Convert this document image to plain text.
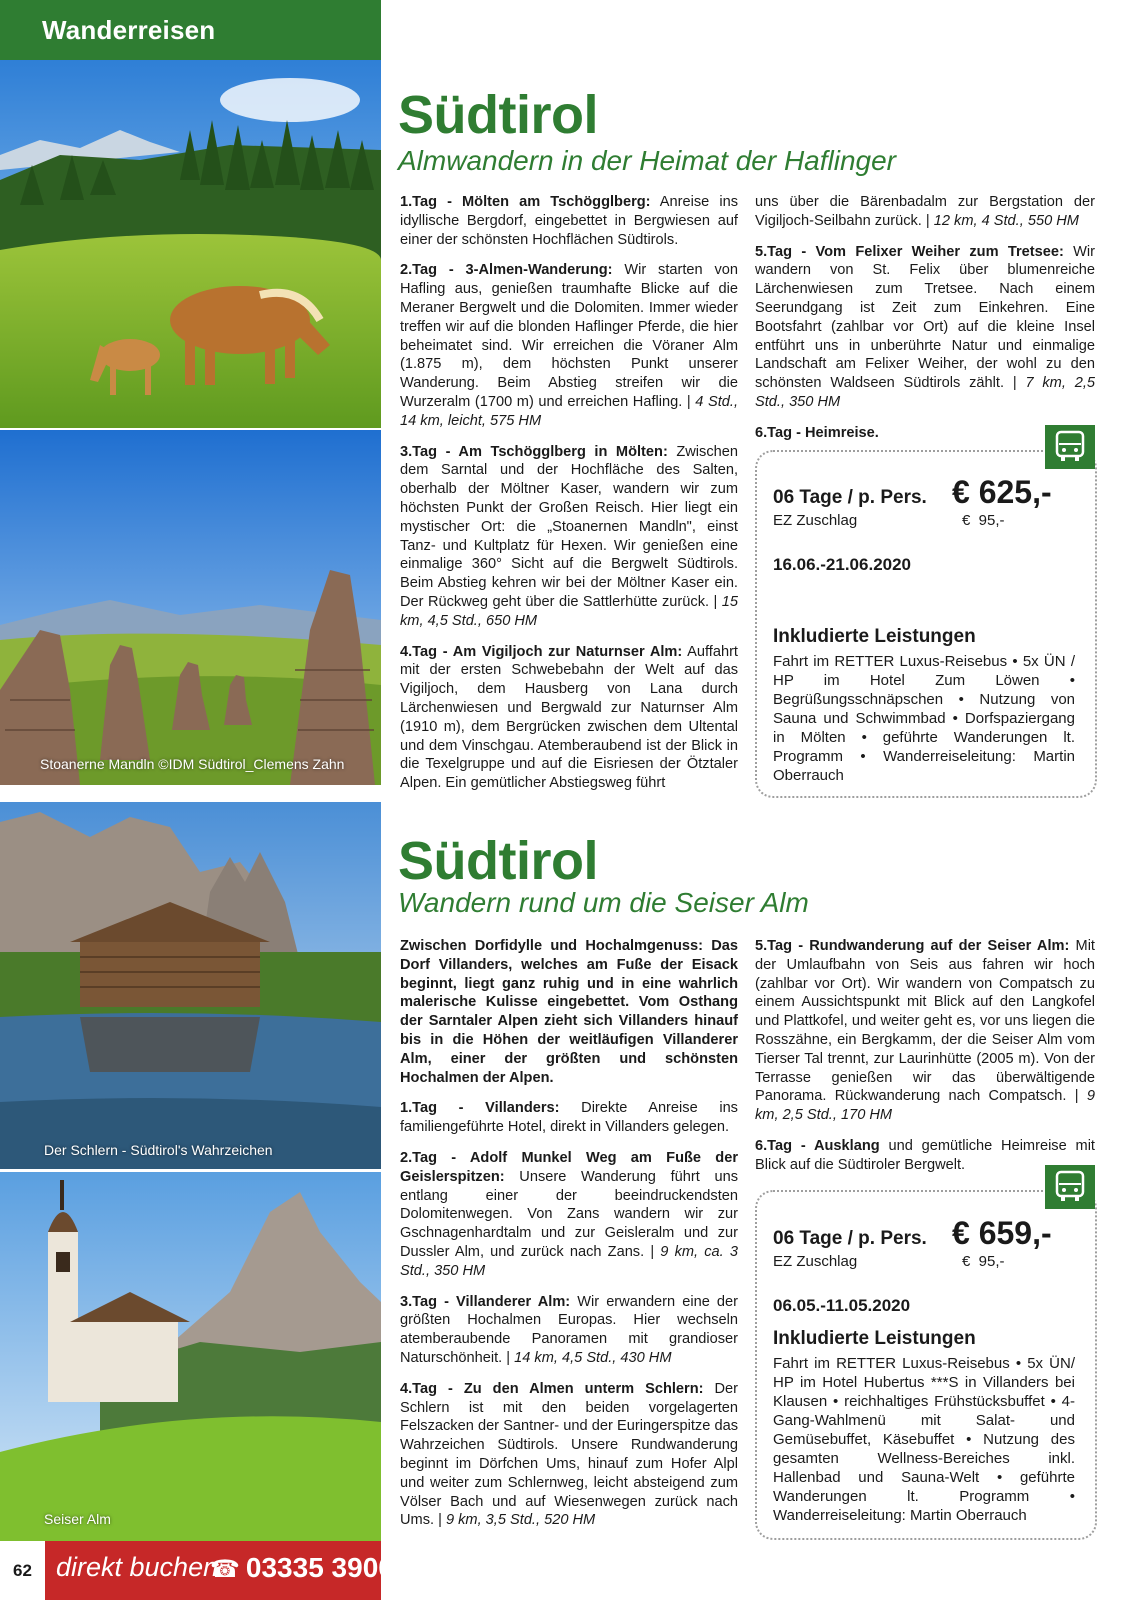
Wanderreisen
Stoanerne Mandln ©IDM Südtirol_Clemens Zahn
Der Schlern - Südtirol's Wahrzeichen
Seiser Alm
62 direkt buchen
☎ 03335 3900
Südtirol
Almwandern in der Heimat der Haflinger

1.Tag - Mölten am Tschögglberg: Anreise ins idyllische Bergdorf, eingebettet in Bergwiesen auf einer der schönsten Hochflächen Südtirols.

2.Tag - 3-Almen-Wanderung: Wir starten von Hafling aus, genießen traumhafte Blicke auf die Meraner Bergwelt und die Dolomiten. Immer wieder treffen wir auf die blonden Haflinger Pferde, die hier beheimatet sind. Wir erreichen die Vöraner Alm (1.875 m), dem höchsten Punkt unserer Wanderung. Beim Abstieg streifen wir die Wurzeralm (1700 m) und erreichen Hafling. | 4 Std., 14 km, leicht, 575 HM

3.Tag - Am Tschögglberg in Mölten: Zwischen dem Sarntal und der Hochfläche des Salten, oberhalb der Möltner Kaser, wandern wir zum höchsten Punkt der Großen Reisch. Hier liegt ein mystischer Ort: die „Stoanernen Mandln", einst Tanz- und Kultplatz für Hexen. Wir genießen eine einmalige 360° Sicht auf die Bergwelt Südtirols. Beim Abstieg kehren wir bei der Möltner Kaser ein. Der Rückweg geht über die Sattlerhütte zurück. | 15 km, 4,5 Std., 650 HM

4.Tag - Am Vigiljoch zur Naturnser Alm: Auffahrt mit der ersten Schwebebahn der Welt auf das Vigiljoch, dem Hausberg von Lana durch Lärchenwiesen und Bergwald zur Naturnser Alm (1910 m), dem Bergrücken zwischen dem Ultental und dem Vinschgau. Atemberaubend ist der Blick in die Texelgruppe und auf die Eisriesen der Ötztaler Alpen. Ein gemütlicher Abstiegsweg führt

uns über die Bärenbadalm zur Bergstation der Vigiljoch-Seilbahn zurück. | 12 km, 4 Std., 550 HM

5.Tag - Vom Felixer Weiher zum Tretsee: Wir wandern von St. Felix über blumenreiche Lärchenwiesen zum Tretsee. Nach einem Seerundgang ist Zeit zum Einkehren. Eine Bootsfahrt (zahlbar vor Ort) auf die kleine Insel entführt uns in unberührte Natur und einmalige Landschaft am Felixer Weiher, der wohl zu den schönsten Waldseen Südtirols zählt. | 7 km, 2,5 Std., 350 HM

6.Tag - Heimreise.

06 Tage / p. Pers. € 625,-
EZ Zuschlag	€  95,-
16.06.-21.06.2020
Inkludierte Leistungen
Fahrt im RETTER Luxus-Reisebus • 5x ÜN / HP im Hotel Zum Löwen • Begrüßungsschnäpschen • Nutzung von Sauna und Schwimmbad • Dorfspaziergang in Mölten • geführte Wanderungen lt. Programm • Wanderreiseleitung: Martin Oberrauch
Südtirol
Wandern rund um die Seiser Alm

Zwischen Dorfidylle und Hochalmgenuss: Das Dorf Villanders, welches am Fuße der Eisack beginnt, liegt ganz ruhig und in eine wahrlich malerische Kulisse eingebettet. Vom Osthang der Sarntaler Alpen zieht sich Villanders hinauf bis in die Höhen der weitläufigen Villanderer Alm, einer der größten und schönsten Hochalmen der Alpen.

1.Tag - Villanders: Direkte Anreise ins familiengeführte Hotel, direkt in Villanders gelegen.

2.Tag - Adolf Munkel Weg am Fuße der Geislerspitzen: Unsere Wanderung führt uns entlang einer der beeindruckendsten Dolomitenwegen. Von Zans wandern wir zur Gschnagenhardtalm und zur Geisleralm und zur Dussler Alm, und zurück nach Zans. | 9 km, ca. 3 Std., 350 HM

3.Tag - Villanderer Alm: Wir erwandern eine der größten Hochalmen Europas. Hier wechseln atemberaubende Panoramen mit grandioser Naturschönheit. | 14 km, 4,5 Std., 430 HM

4.Tag - Zu den Almen unterm Schlern: Der Schlern ist mit den beiden vorgelagerten Felszacken der Santner- und der Euringerspitze das Wahrzeichen Südtirols. Unsere Rundwanderung beginnt im Dörfchen Ums, hinauf zum Hofer Alpl und weiter zum Schlernweg, leicht absteigend zum Völser Bach und auf Wiesenwegen zurück nach Ums. | 9 km, 3,5 Std., 520 HM

5.Tag - Rundwanderung auf der Seiser Alm: Mit der Umlaufbahn von Seis aus fahren wir hoch (zahlbar vor Ort). Wir wandern von Compatsch zu einem Aussichtspunkt mit Blick auf den Langkofel und Plattkofel, und weiter geht es, vor uns liegen die Rosszähne, ein Bergkamm, der die Seiser Alm vom Tierser Tal trennt, zur Laurinhütte (2005 m). Von der Terrasse genießen wir das überwältigende Panorama. Rückwanderung nach Compatsch. | 9 km, 2,5 Std., 170 HM

6.Tag - Ausklang und gemütliche Heimreise mit Blick auf die Südtiroler Bergwelt.

06 Tage / p. Pers. € 659,-
EZ Zuschlag	€  95,-
06.05.-11.05.2020
Inkludierte Leistungen
Fahrt im RETTER Luxus-Reisebus • 5x ÜN/ HP im Hotel Hubertus ***S in Villanders bei Klausen • reichhaltiges Frühstücksbuffet • 4-Gang-Wahlmenü mit Salat- und Gemüsebuffet, Käsebuffet • Nutzung des gesamten Wellness-Bereiches inkl. Hallenbad und Sauna-Welt • geführte Wanderungen lt. Programm • Wanderreiseleitung: Martin Oberrauch
